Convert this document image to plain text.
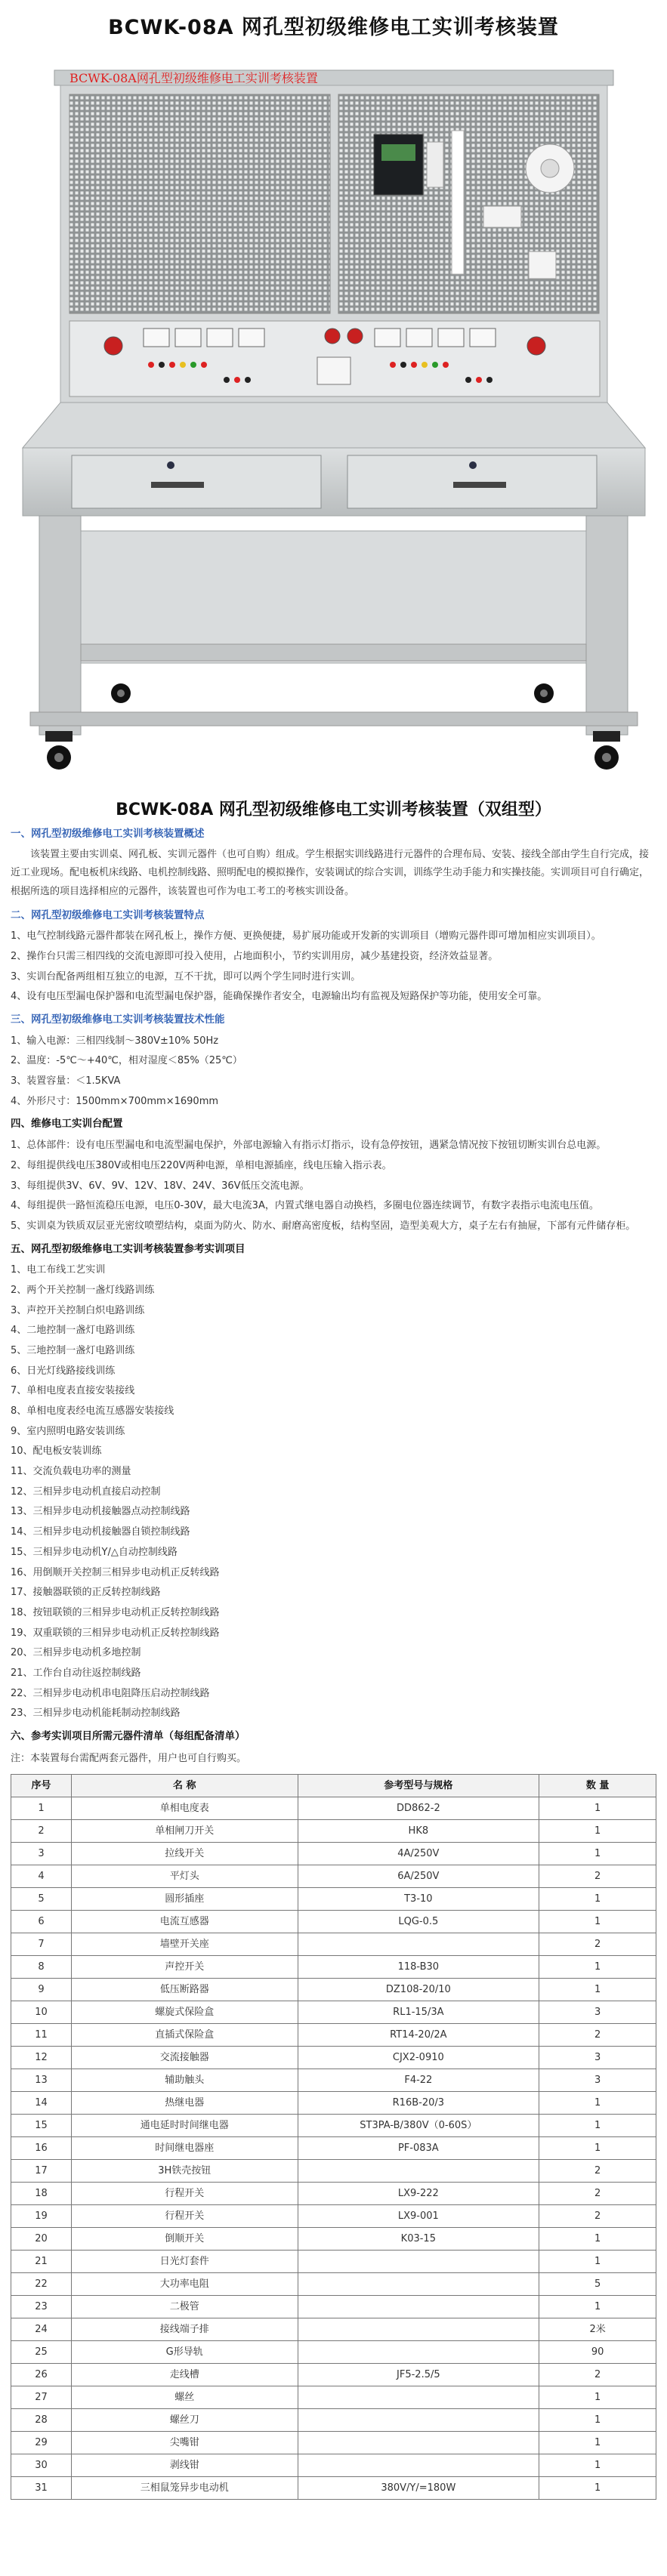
BCWK-08A 网孔型初级维修电工实训考核装置
BCWK-08A网孔型初级维修电工实训考核装置
BCWK-08A 网孔型初级维修电工实训考核装置（双组型）
一、网孔型初级维修电工实训考核装置概述
该装置主要由实训桌、网孔板、实训元器件（也可自购）组成。学生根据实训线路进行元器件的合理布局、安装、接线全部由学生自行完成，接近工业现场。配电板机床线路、电机控制线路、照明配电的模拟操作，安装调试的综合实训，训练学生动手能力和实操技能。实训项目可自行确定，根据所选的项目选择相应的元器件，该装置也可作为电工考工的考核实训设备。
二、网孔型初级维修电工实训考核装置特点
1、电气控制线路元器件都装在网孔板上，操作方便、更换便捷，易扩展功能或开发新的实训项目（增购元器件即可增加相应实训项目）。
2、操作台只需三相四线的交流电源即可投入使用，占地面积小，节约实训用房，减少基建投资，经济效益显著。
3、实训台配备两组相互独立的电源，互不干扰，即可以两个学生同时进行实训。
4、设有电压型漏电保护器和电流型漏电保护器，能确保操作者安全，电源输出均有监视及短路保护等功能，使用安全可靠。
三、网孔型初级维修电工实训考核装置技术性能
1、输入电源：三相四线制～380V±10% 50Hz
2、温度：-5℃～+40℃，相对湿度＜85%（25℃）
3、装置容量：＜1.5KVA
4、外形尺寸：1500mm×700mm×1690mm
四、维修电工实训台配置
1、总体部件：设有电压型漏电和电流型漏电保护，外部电源输入有指示灯指示，设有急停按钮，遇紧急情况按下按钮切断实训台总电源。
2、每组提供线电压380V或相电压220V两种电源，单相电源插座，线电压输入指示表。
3、每组提供3V、6V、9V、12V、18V、24V、36V低压交流电源。
4、每组提供一路恒流稳压电源，电压0-30V，最大电流3A，内置式继电器自动换档，多圈电位器连续调节，有数字表指示电流电压值。
5、实训桌为铁质双层亚光密纹喷塑结构，桌面为防火、防水、耐磨高密度板，结构坚固，造型美观大方，桌子左右有抽屉，下部有元件储存柜。
五、网孔型初级维修电工实训考核装置参考实训项目
1、电工布线工艺实训
2、两个开关控制一盏灯线路训练
3、声控开关控制白炽电路训练
4、二地控制一盏灯电路训练
5、三地控制一盏灯电路训练
6、日光灯线路接线训练
7、单相电度表直接安装接线
8、单相电度表经电流互感器安装接线
9、室内照明电路安装训练
10、配电板安装训练
11、交流负载电功率的测量
12、三相异步电动机直接启动控制
13、三相异步电动机接触器点动控制线路
14、三相异步电动机接触器自锁控制线路
15、三相异步电动机Y/△自动控制线路
16、用倒顺开关控制三相异步电动机正反转线路
17、接触器联锁的正反转控制线路
18、按钮联锁的三相异步电动机正反转控制线路
19、双重联锁的三相异步电动机正反转控制线路
20、三相异步电动机多地控制
21、工作台自动往返控制线路
22、三相异步电动机串电阻降压启动控制线路
23、三相异步电动机能耗制动控制线路
六、参考实训项目所需元器件清单（每组配备清单）
注：本装置每台需配两套元器件，用户也可自行购买。
序号	名 称	参考型号与规格	数 量
1	单相电度表	DD862-2	1
2	单相闸刀开关	HK8	1
3	拉线开关	4A/250V	1
4	平灯头	6A/250V	2
5	圆形插座	T3-10	1
6	电流互感器	LQG-0.5	1
7	墙壁开关座		2
8	声控开关	118-B30	1
9	低压断路器	DZ108-20/10	1
10	螺旋式保险盒	RL1-15/3A	3
11	直插式保险盒	RT14-20/2A	2
12	交流接触器	CJX2-0910	3
13	辅助触头	F4-22	3
14	热继电器	R16B-20/3	1
15	通电延时时间继电器	ST3PA-B/380V（0-60S）	1
16	时间继电器座	PF-083A	1
17	3H铁壳按钮		2
18	行程开关	LX9-222	2
19	行程开关	LX9-001	2
20	倒顺开关	K03-15	1
21	日光灯套件		1
22	大功率电阻		5
23	二极管		1
24	接线端子排		2米
25	G形导轨		90
26	走线槽	JF5-2.5/5	2
27	螺丝		1
28	螺丝刀		1
29	尖嘴钳		1
30	剥线钳		1
31	三相鼠笼异步电动机	380V/Y/=180W	1
